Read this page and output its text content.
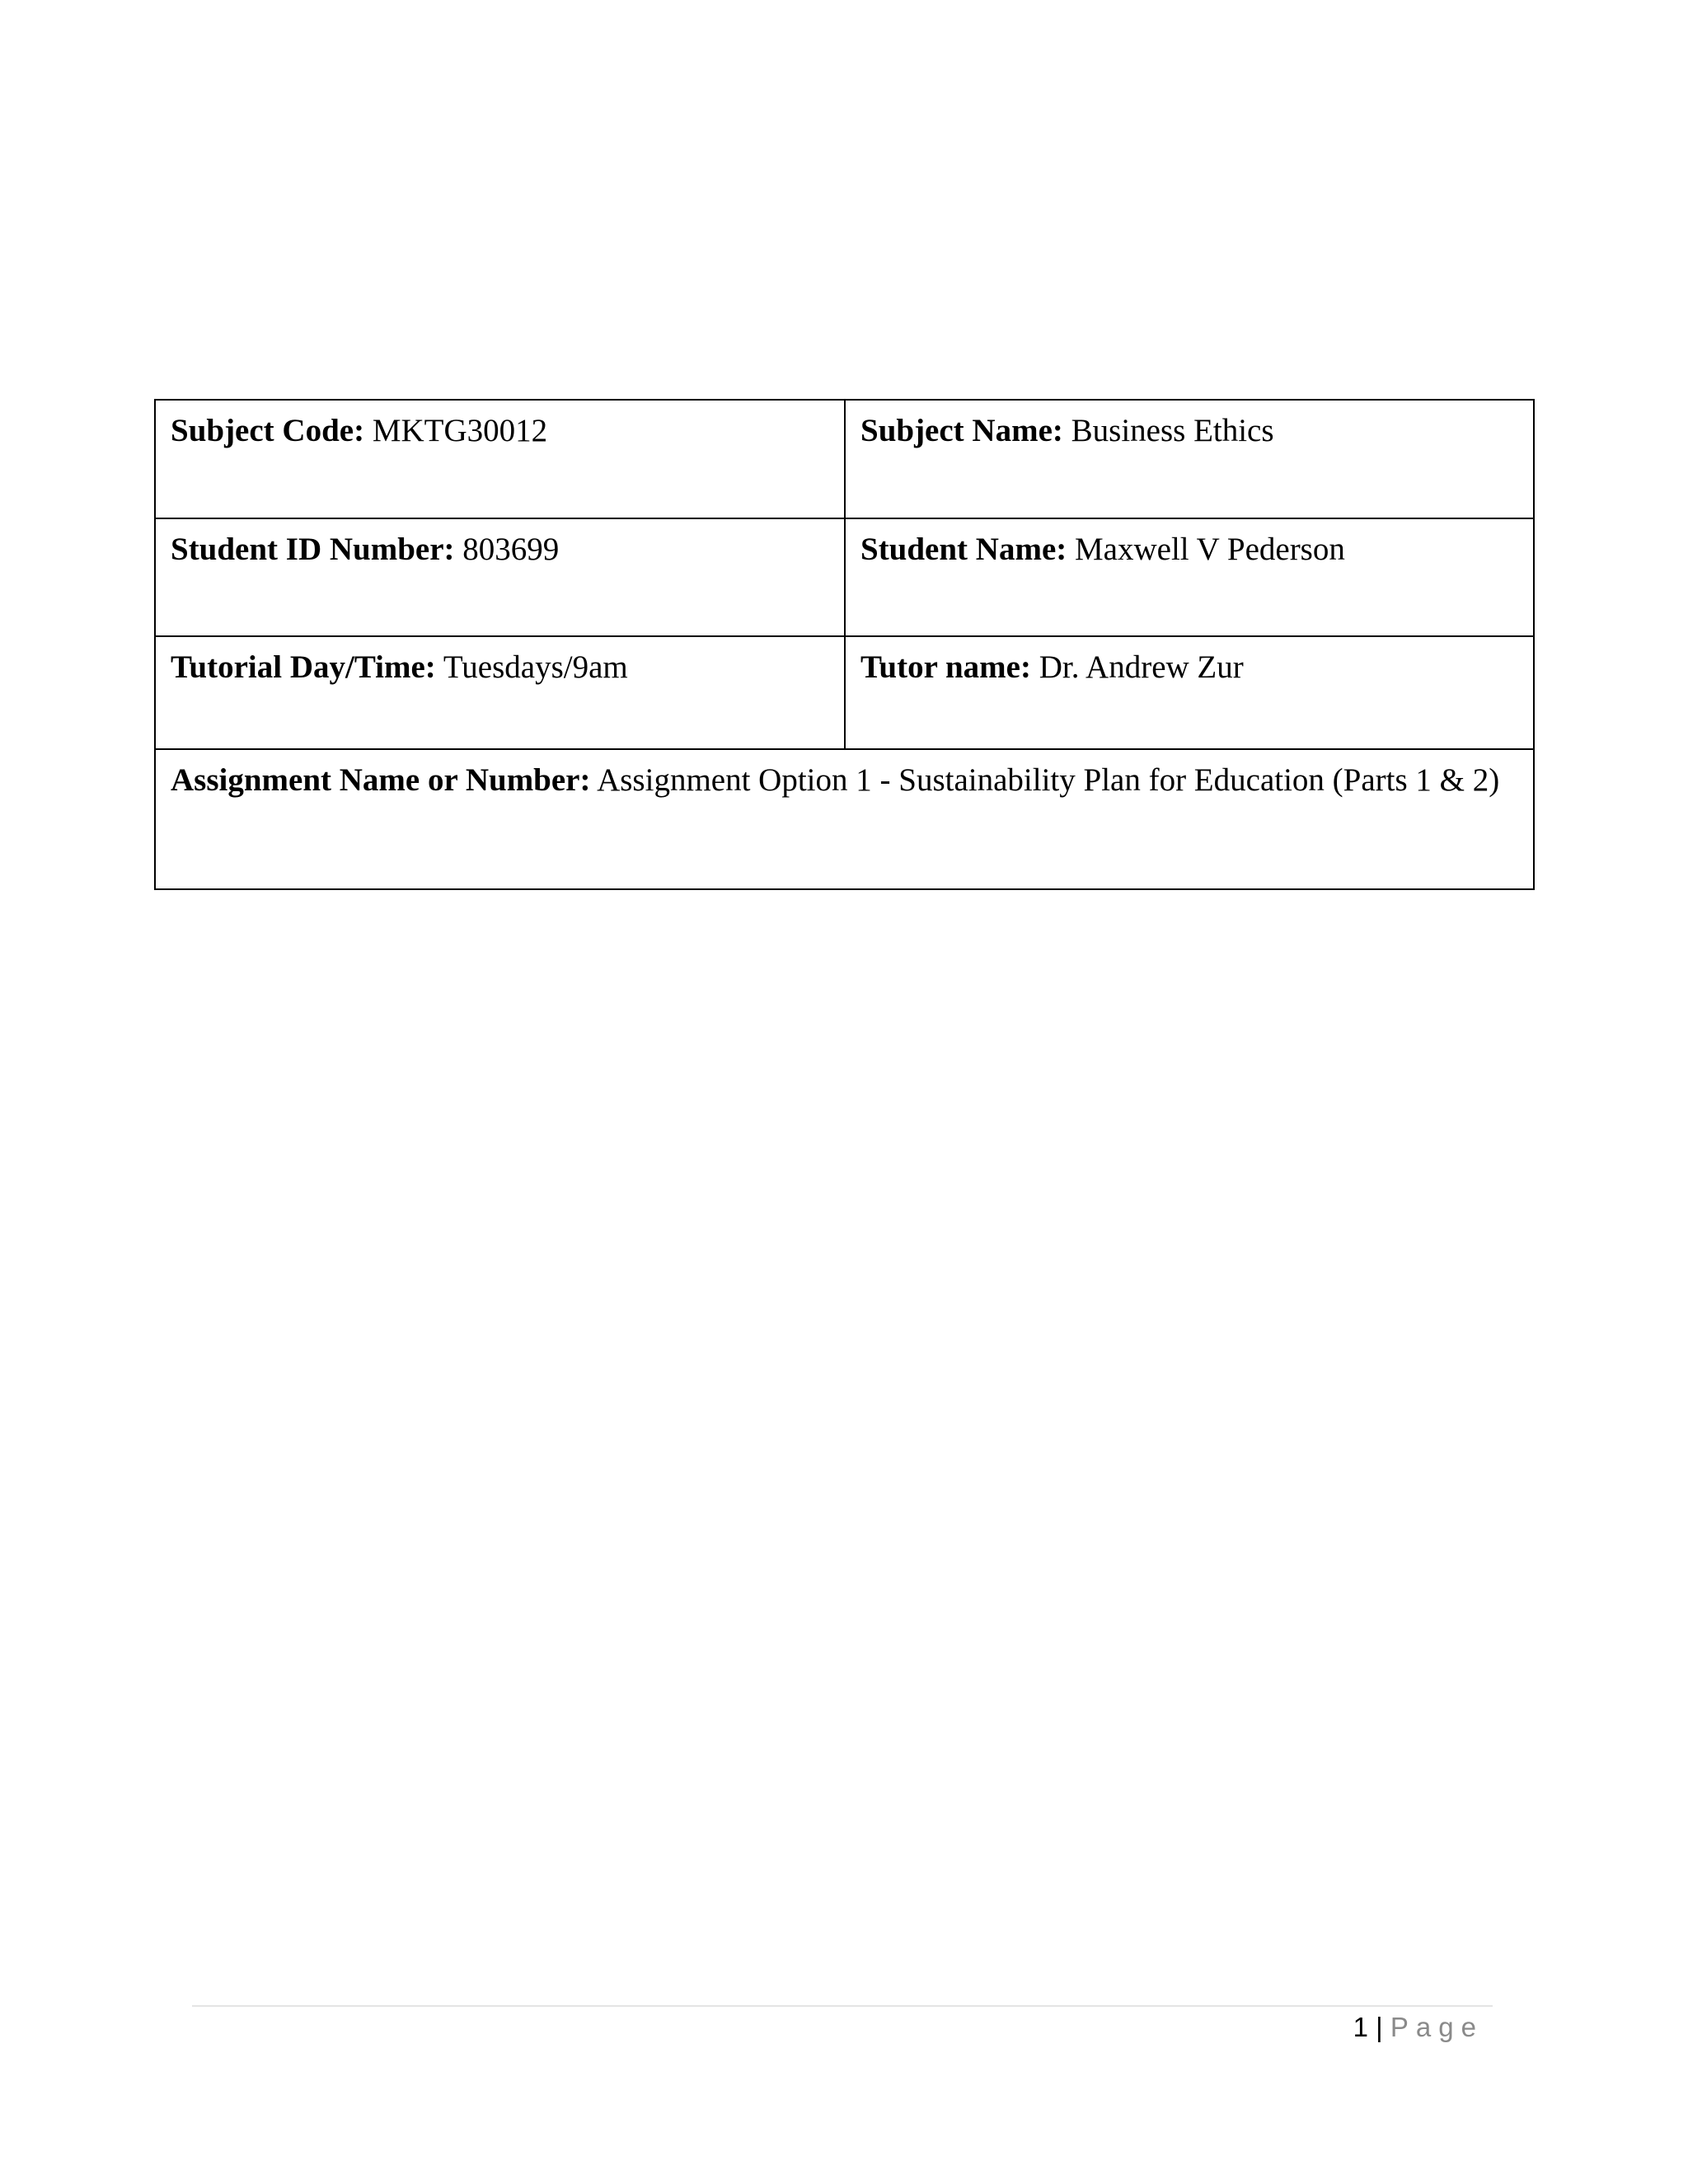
Subject Code: MKTG30012	Subject Name: Business Ethics
Student ID Number: 803699	Student Name: Maxwell V Pederson
Tutorial Day/Time: Tuesdays/9am	Tutor name: Dr. Andrew Zur
Assignment Name or Number: Assignment Option 1 - Sustainability Plan for Education (Parts 1 & 2)	
1 | Page
